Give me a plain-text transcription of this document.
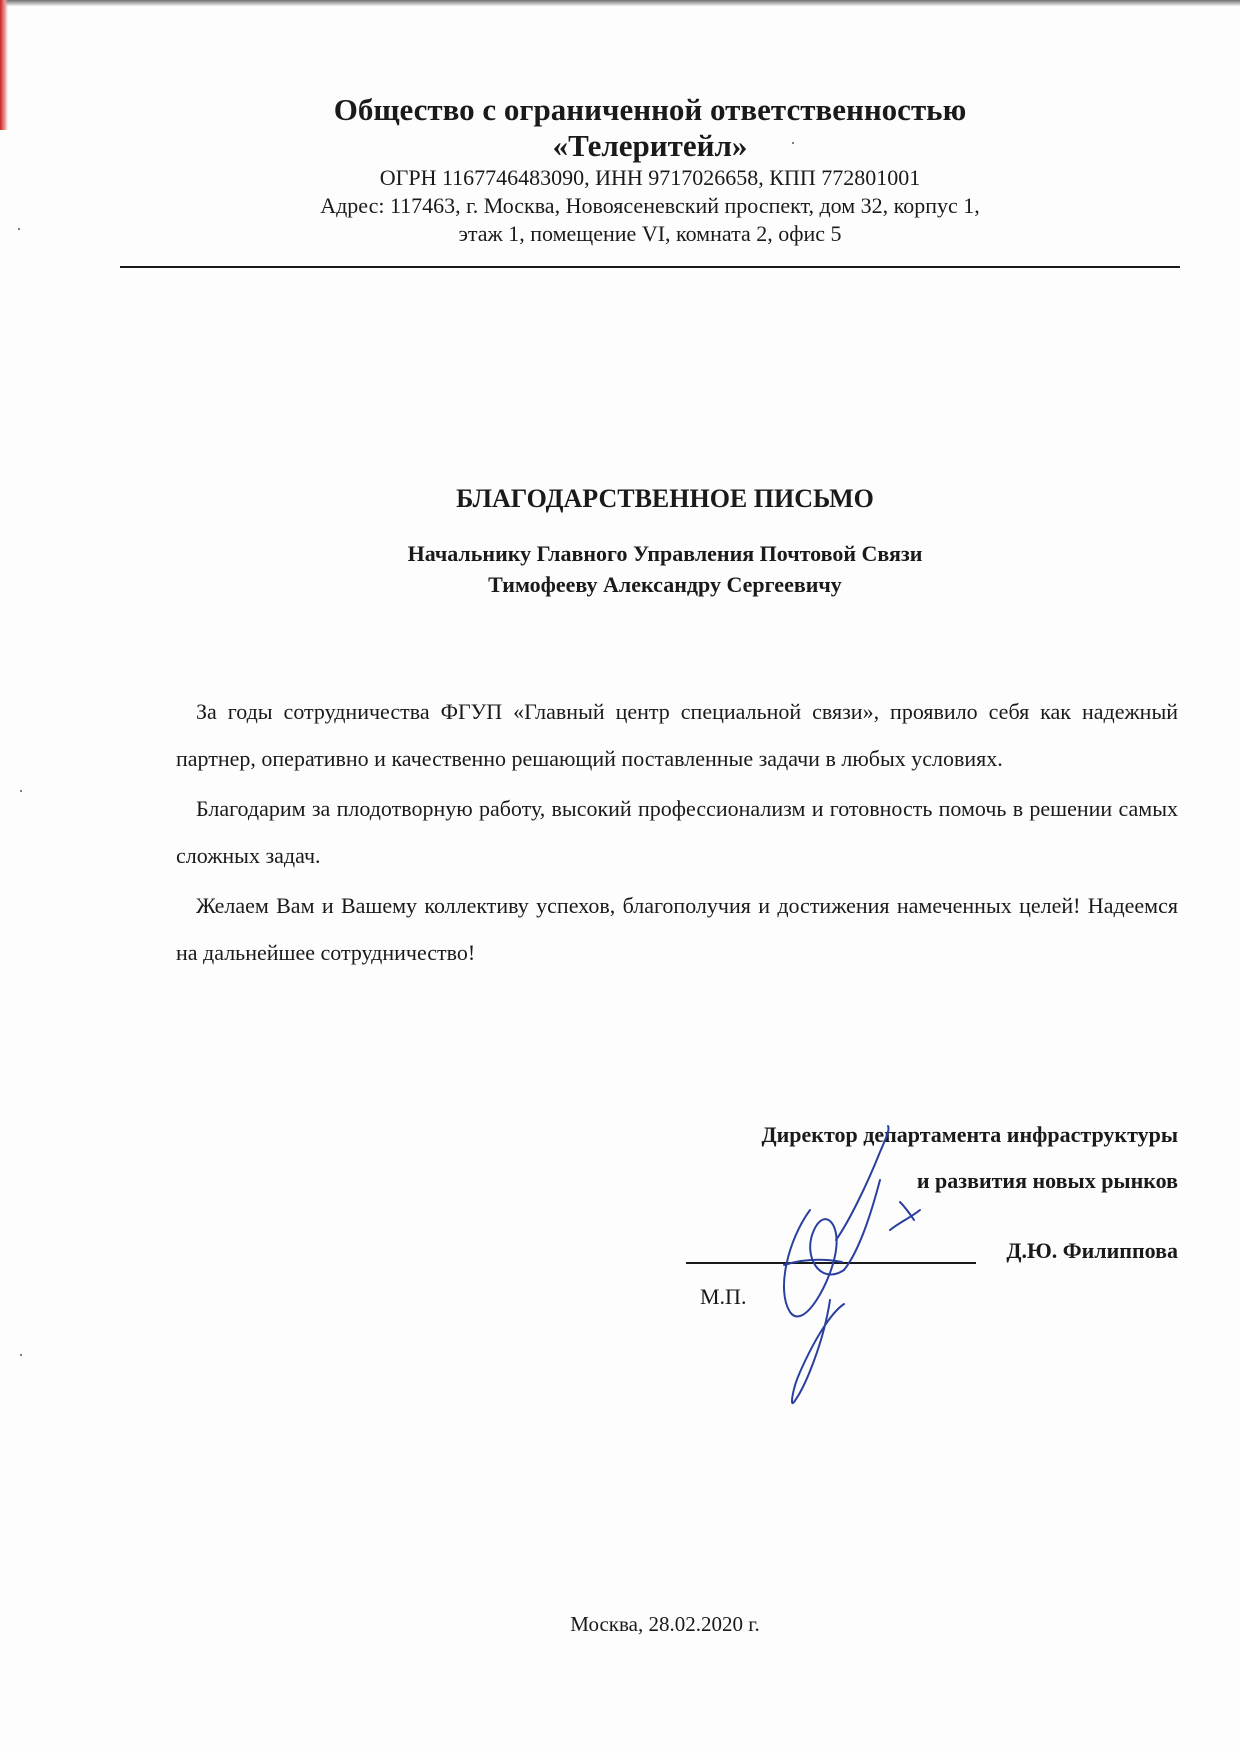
Общество с ограниченной ответственностью
«Телеритейл»
ОГРН 1167746483090, ИНН 9717026658, КПП 772801001
Адрес: 117463, г. Москва, Новоясеневский проспект, дом 32, корпус 1,
этаж 1, помещение VI, комната 2, офис 5
БЛАГОДАРСТВЕННОЕ ПИСЬМО
Начальнику Главного Управления Почтовой Связи
Тимофееву Александру Сергеевичу

За годы сотрудничества ФГУП «Главный центр специальной связи», проявило себя как надежный партнер, оперативно и качественно решающий поставленные задачи в любых условиях.

Благодарим за плодотворную работу, высокий профессионализм и готовность помочь в решении самых сложных задач.

Желаем Вам и Вашему коллективу успехов, благополучия и достижения намеченных целей! Надеемся на дальнейшее сотрудничество!

Директор департамента инфраструктуры
и развития новых рынков
Д.Ю. Филиппова
М.П.
Москва, 28.02.2020 г.
